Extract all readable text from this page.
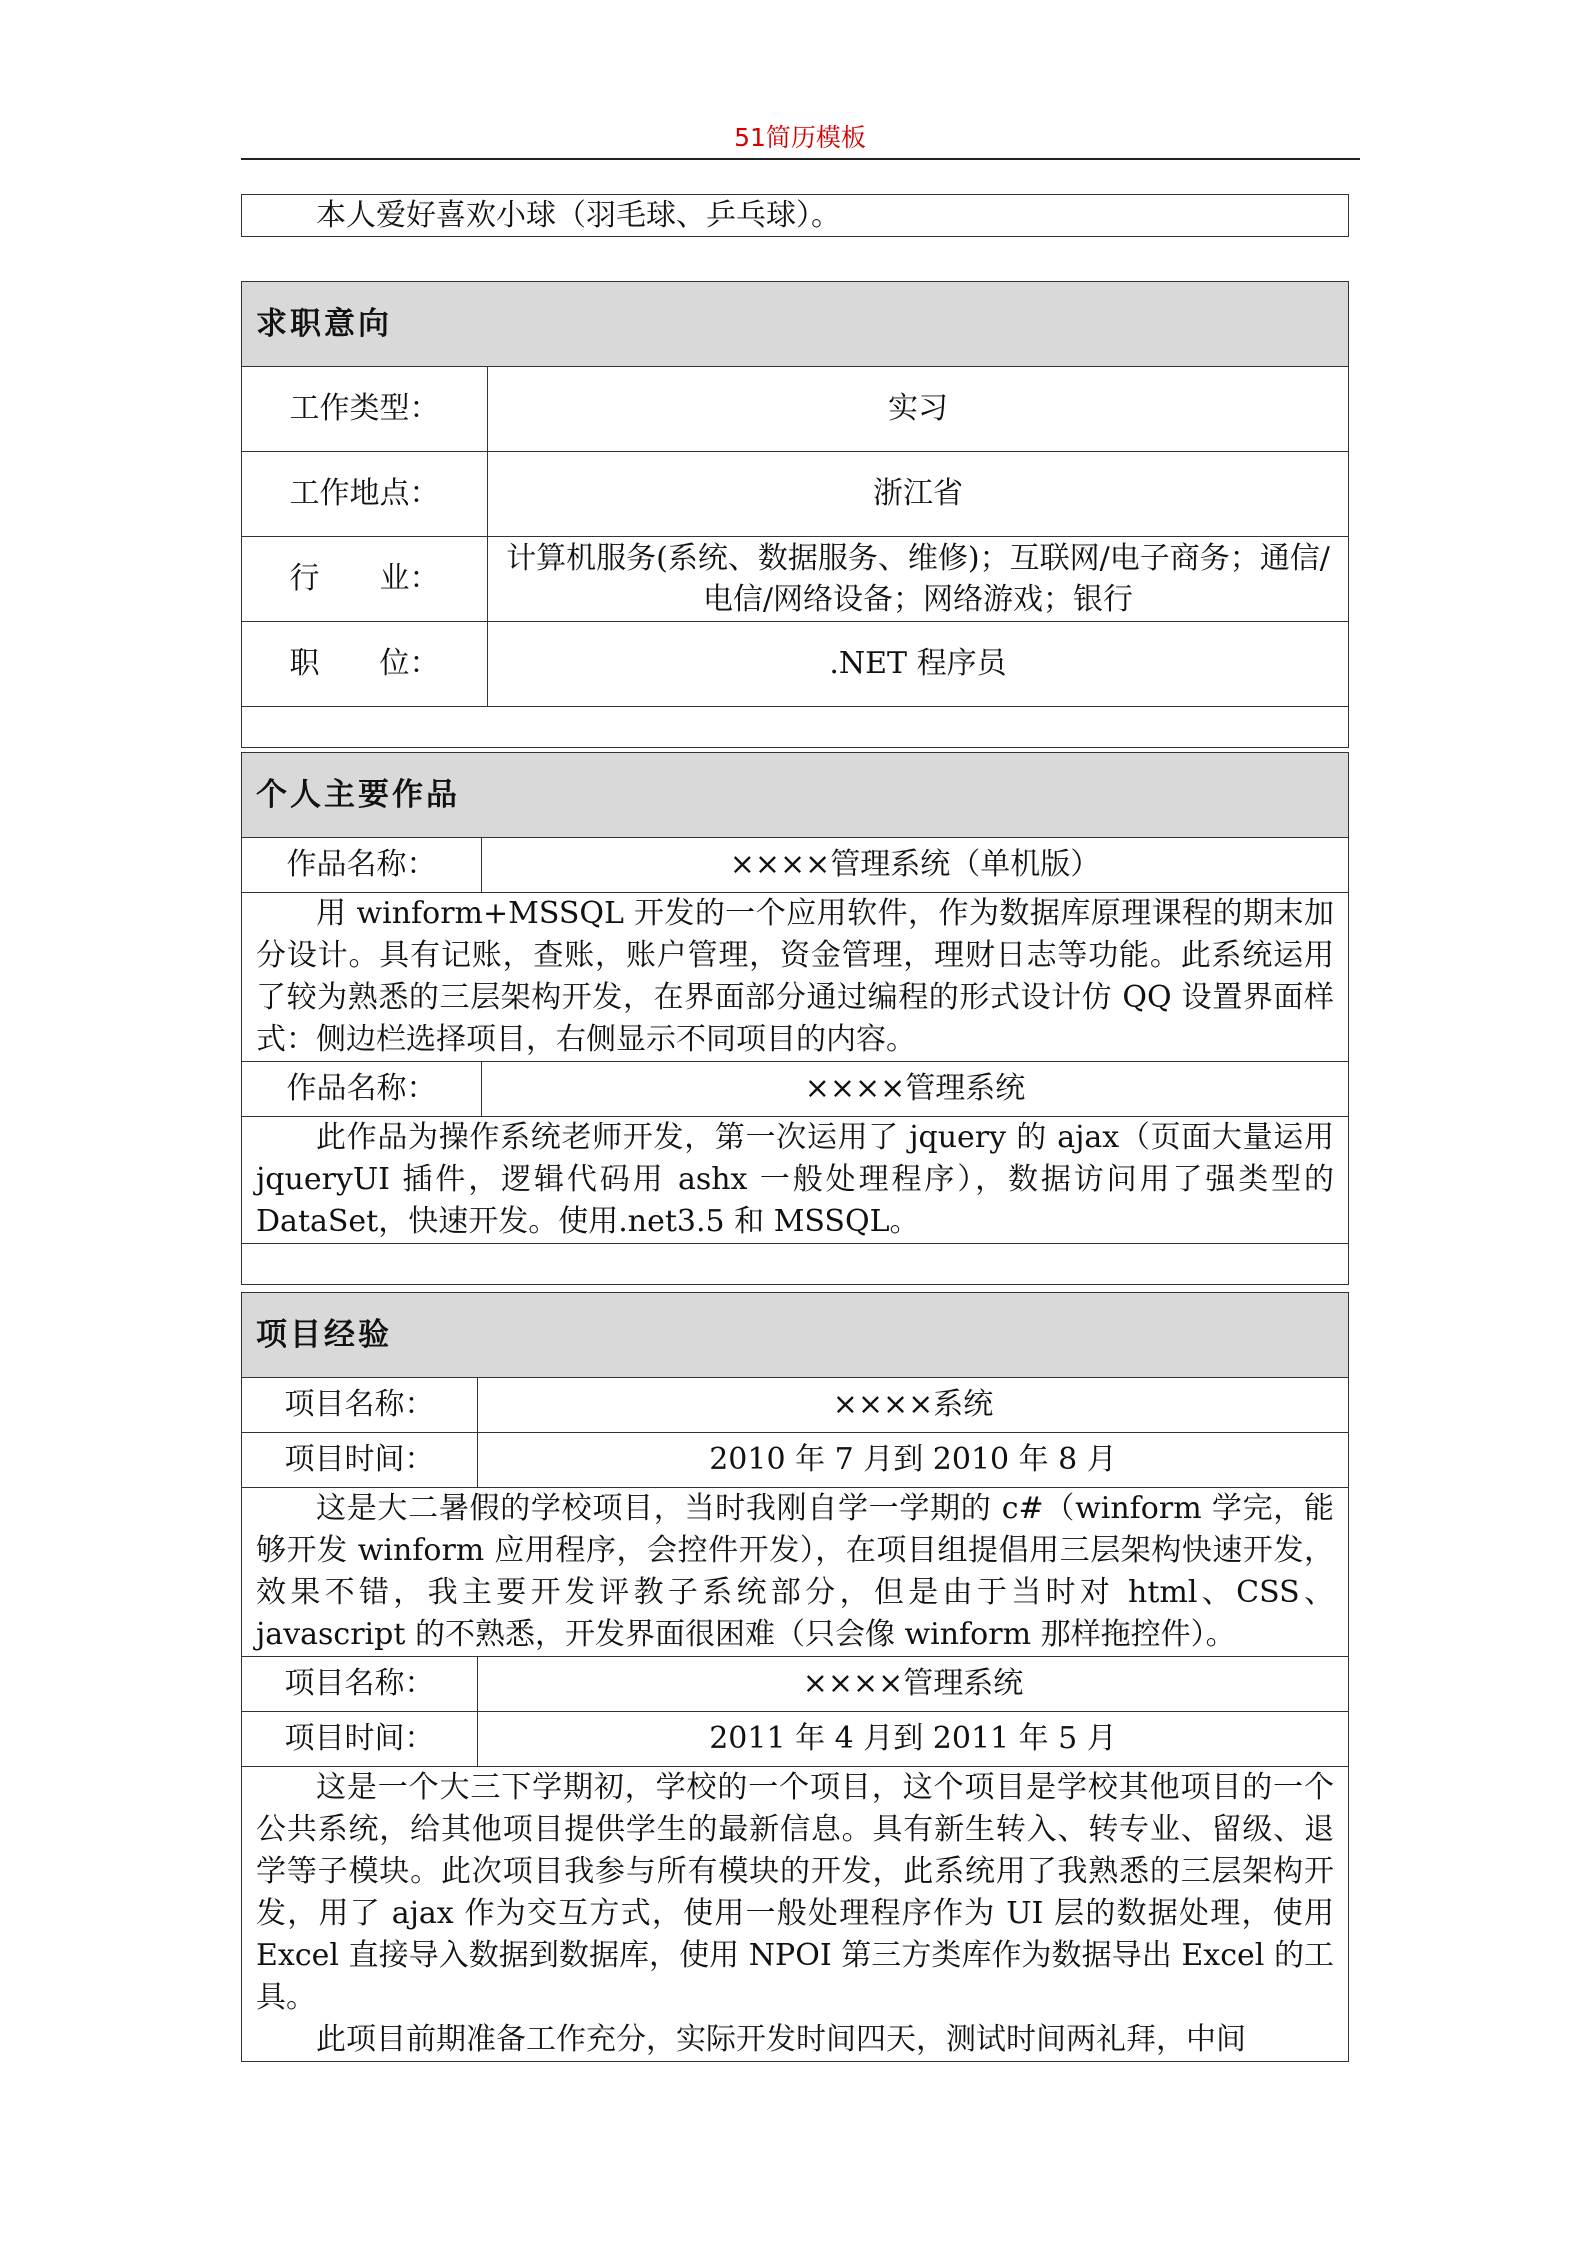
51简历模板
本人爱好喜欢小球（羽毛球、乒乓球）。
求职意向	
工作类型：	实习
工作地点：	浙江省
行　　业：	计算机服务(系统、数据服务、维修)；互联网/电子商务；通信/电信/网络设备；网络游戏；银行
职　　位：	.NET 程序员

个人主要作品	
作品名称：	××××管理系统（单机版）
用 winform+MSSQL 开发的一个应用软件，作为数据库原理课程的期末加分设计。具有记账，查账，账户管理，资金管理，理财日志等功能。此系统运用了较为熟悉的三层架构开发，在界面部分通过编程的形式设计仿 QQ 设置界面样式：侧边栏选择项目，右侧显示不同项目的内容。	
作品名称：	××××管理系统
此作品为操作系统老师开发，第一次运用了 jquery 的 ajax（页面大量运用 jqueryUI 插件，逻辑代码用 ashx 一般处理程序），数据访问用了强类型的 DataSet，快速开发。使用.net3.5 和 MSSQL。	

项目经验	
项目名称：	××××系统
项目时间：	2010 年 7 月到 2010 年 8 月
这是大二暑假的学校项目，当时我刚自学一学期的 c#（winform 学完，能够开发 winform 应用程序，会控件开发），在项目组提倡用三层架构快速开发，效果不错，我主要开发评教子系统部分，但是由于当时对 html、CSS、javascript 的不熟悉，开发界面很困难（只会像 winform 那样拖控件）。	
项目名称：	××××管理系统
项目时间：	2011 年 4 月到 2011 年 5 月

这是一个大三下学期初，学校的一个项目，这个项目是学校其他项目的一个公共系统，给其他项目提供学生的最新信息。具有新生转入、转专业、留级、退学等子模块。此次项目我参与所有模块的开发，此系统用了我熟悉的三层架构开发，用了 ajax 作为交互方式，使用一般处理程序作为 UI 层的数据处理，使用 Excel 直接导入数据到数据库，使用 NPOI 第三方类库作为数据导出 Excel 的工具。
此项目前期准备工作充分，实际开发时间四天，测试时间两礼拜，中间	
